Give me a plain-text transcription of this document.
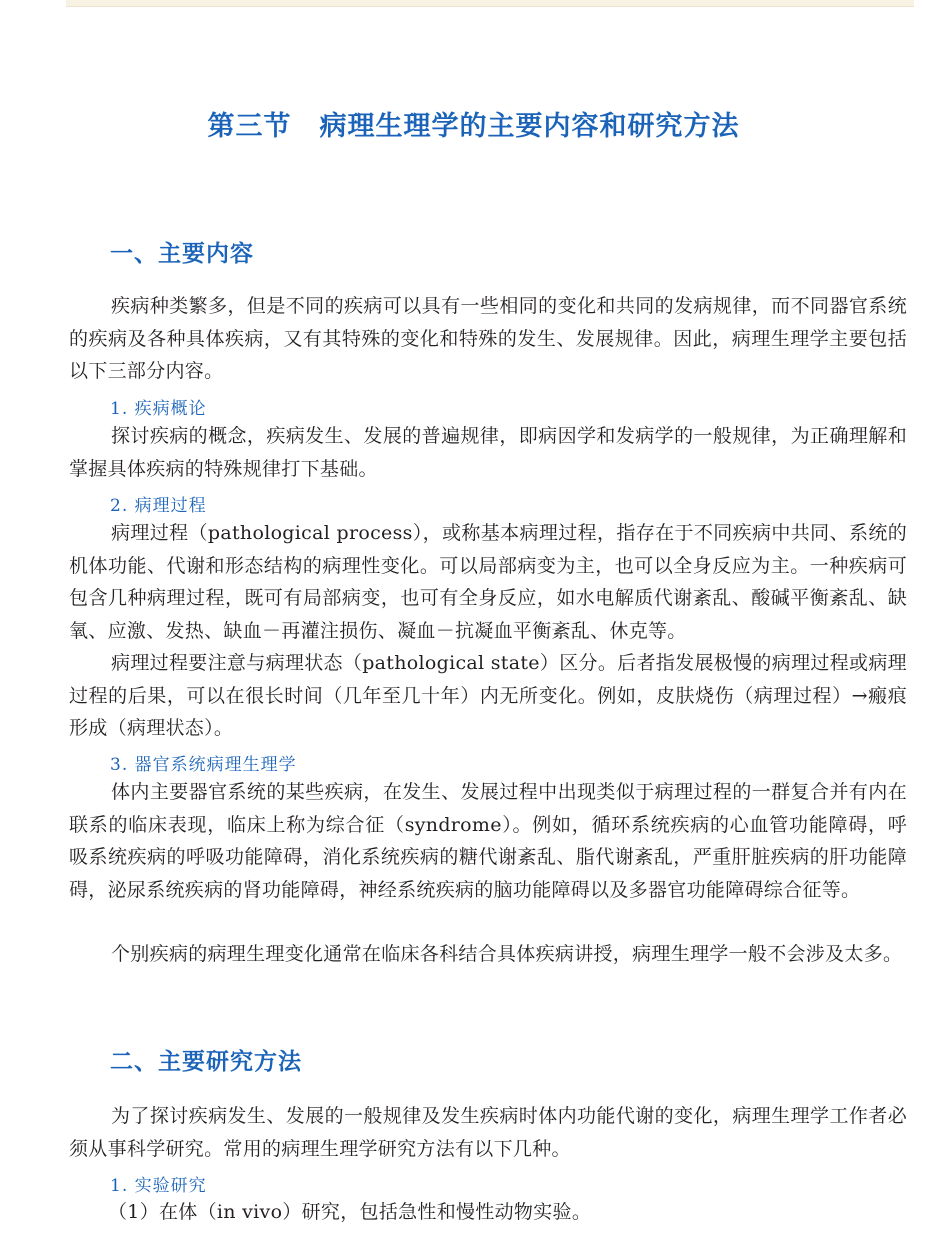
第三节　病理生理学的主要内容和研究方法
一、主要内容
疾病种类繁多，但是不同的疾病可以具有一些相同的变化和共同的发病规律，而不同器官系统的疾病及各种具体疾病，又有其特殊的变化和特殊的发生、发展规律。因此，病理生理学主要包括以下三部分内容。
1. 疾病概论
探讨疾病的概念，疾病发生、发展的普遍规律，即病因学和发病学的一般规律，为正确理解和掌握具体疾病的特殊规律打下基础。
2. 病理过程
病理过程（pathological process），或称基本病理过程，指存在于不同疾病中共同、系统的机体功能、代谢和形态结构的病理性变化。可以局部病变为主，也可以全身反应为主。一种疾病可包含几种病理过程，既可有局部病变，也可有全身反应，如水电解质代谢紊乱、酸碱平衡紊乱、缺氧、应激、发热、缺血－再灌注损伤、凝血－抗凝血平衡紊乱、休克等。
病理过程要注意与病理状态（pathological state）区分。后者指发展极慢的病理过程或病理过程的后果，可以在很长时间（几年至几十年）内无所变化。例如，皮肤烧伤（病理过程）→瘢痕形成（病理状态）。
3. 器官系统病理生理学
体内主要器官系统的某些疾病，在发生、发展过程中出现类似于病理过程的一群复合并有内在联系的临床表现，临床上称为综合征（syndrome）。例如，循环系统疾病的心血管功能障碍，呼吸系统疾病的呼吸功能障碍，消化系统疾病的糖代谢紊乱、脂代谢紊乱，严重肝脏疾病的肝功能障碍，泌尿系统疾病的肾功能障碍，神经系统疾病的脑功能障碍以及多器官功能障碍综合征等。
个别疾病的病理生理变化通常在临床各科结合具体疾病讲授，病理生理学一般不会涉及太多。
二、主要研究方法
为了探讨疾病发生、发展的一般规律及发生疾病时体内功能代谢的变化，病理生理学工作者必须从事科学研究。常用的病理生理学研究方法有以下几种。
1. 实验研究
（1）在体（in vivo）研究，包括急性和慢性动物实验。
